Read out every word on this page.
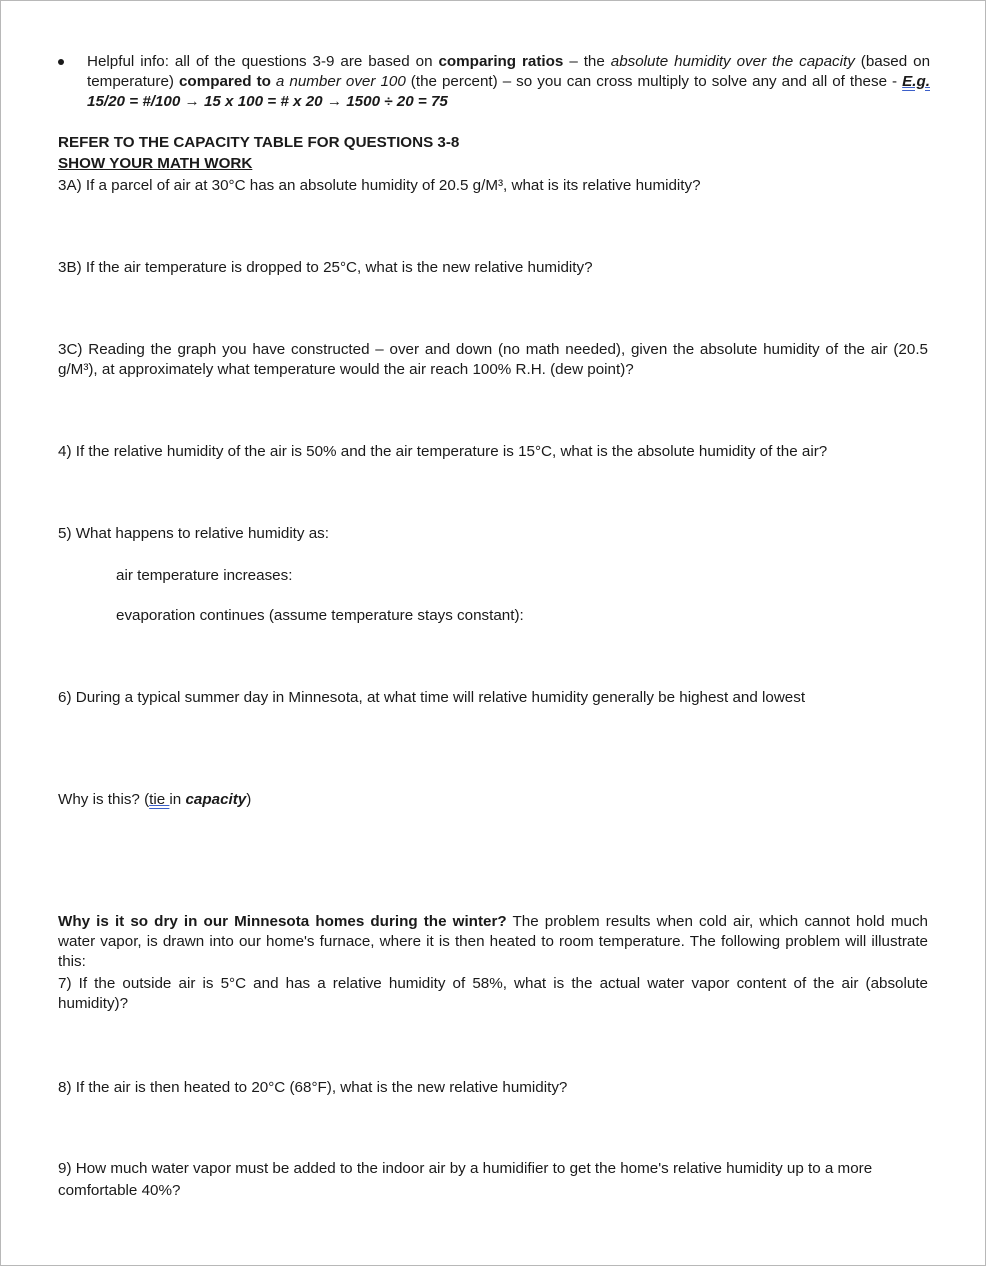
Helpful info: all of the questions 3-9 are based on comparing ratios – the absolute humidity over the capacity (based on temperature) compared to a number over 100 (the percent) – so you can cross multiply to solve any and all of these - E.g. 15/20 = #/100 → 15 x 100 = # x 20 → 1500 ÷ 20 = 75

REFER TO THE CAPACITY TABLE FOR QUESTIONS 3-8

SHOW YOUR MATH WORK

3A) If a parcel of air at 30°C has an absolute humidity of 20.5 g/M³, what is its relative humidity?

3B) If the air temperature is dropped to 25°C, what is the new relative humidity?

3C) Reading the graph you have constructed – over and down (no math needed), given the absolute humidity of the air (20.5 g/M³), at approximately what temperature would the air reach 100% R.H. (dew point)?

4) If the relative humidity of the air is 50% and the air temperature is 15°C, what is the absolute humidity of the air?

5) What happens to relative humidity as:

air temperature increases:

evaporation continues (assume temperature stays constant):

6) During a typical summer day in Minnesota, at what time will relative humidity generally be highest and lowest

Why is this? (tie in capacity)

Why is it so dry in our Minnesota homes during the winter? The problem results when cold air, which cannot hold much water vapor, is drawn into our home's furnace, where it is then heated to room temperature. The following problem will illustrate this:

7) If the outside air is 5°C and has a relative humidity of 58%, what is the actual water vapor content of the air (absolute humidity)?

8) If the air is then heated to 20°C (68°F), what is the new relative humidity?

9) How much water vapor must be added to the indoor air by a humidifier to get the home's relative humidity up to a more comfortable 40%?
